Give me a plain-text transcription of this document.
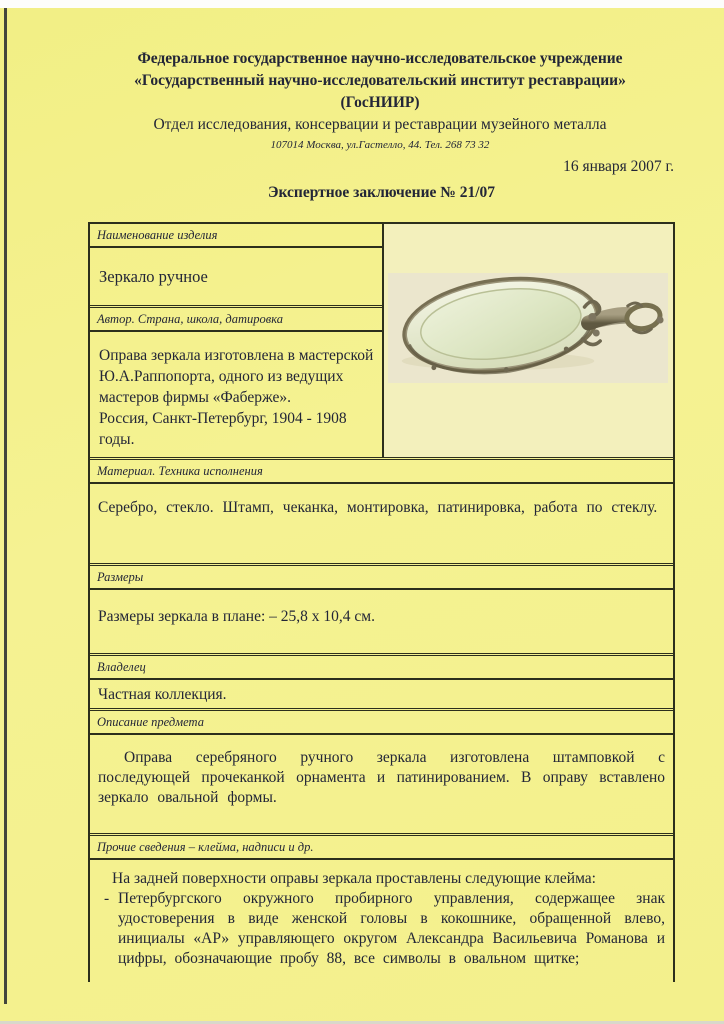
Федеральное государственное научно-исследовательское учреждение
«Государственный научно-исследовательский институт реставрации»
(ГосНИИР)
Отдел исследования, консервации и реставрации музейного металла
107014 Москва, ул.Гастелло, 44. Тел. 268 73 32
16 января 2007 г.
Экспертное заключение № 21/07
Наименование изделия
Зеркало ручное
Автор. Страна, школа, датировка

Оправа зеркала изготовлена в мастерской Ю.А.Раппопорта, одного из ведущих мастеров фирмы «Фаберже».

Россия, Санкт-Петербург, 1904 - 1908 годы.

Материал. Техника исполнения
Серебро, стекло. Штамп, чеканка, монтировка, патинировка, работа по стеклу.
Размеры
Размеры зеркала в плане: – 25,8 х 10,4 см.
Владелец
Частная коллекция.
Описание предмета
Оправа серебряного ручного зеркала изготовлена штамповкой с последующей прочеканкой орнамента и патинированием. В оправу вставлено зеркало овальной формы.
Прочие сведения – клейма, надписи и др.

На задней поверхности оправы зеркала проставлены следующие клейма:

- Петербургского окружного пробирного управления, содержащее знак удостоверения в виде женской головы в кокошнике, обращенной влево, инициалы «АР» управляющего округом Александра Васильевича Романова и цифры, обозначающие пробу 88, все символы в овальном щитке;
